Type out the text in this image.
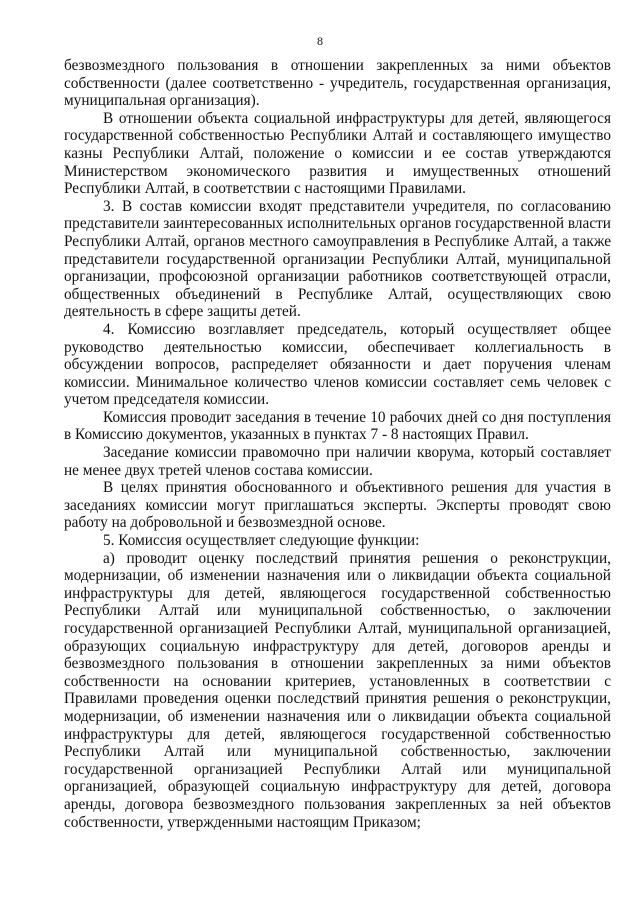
8

безвозмездного пользования в отношении закрепленных за ними объектов собственности (далее соответственно - учредитель, государственная организация, муниципальная организация).

В отношении объекта социальной инфраструктуры для детей, являющегося государственной собственностью Республики Алтай и составляющего имущество казны Республики Алтай, положение о комиссии и ее состав утверждаются Министерством экономического развития и имущественных отношений Республики Алтай, в соответствии с настоящими Правилами.

3. В состав комиссии входят представители учредителя, по согласованию представители заинтересованных исполнительных органов государственной власти Республики Алтай, органов местного самоуправления в Республике Алтай, а также представители государственной организации Республики Алтай, муниципальной организации, профсоюзной организации работников соответствующей отрасли, общественных объединений в Республике Алтай, осуществляющих свою деятельность в сфере защиты детей.

4. Комиссию возглавляет председатель, который осуществляет общее руководство деятельностью комиссии, обеспечивает коллегиальность в обсуждении вопросов, распределяет обязанности и дает поручения членам комиссии. Минимальное количество членов комиссии составляет семь человек с учетом председателя комиссии.

Комиссия проводит заседания в течение 10 рабочих дней со дня поступления в Комиссию документов, указанных в пунктах 7 - 8 настоящих Правил.

Заседание комиссии правомочно при наличии кворума, который составляет не менее двух третей членов состава комиссии.

В целях принятия обоснованного и объективного решения для участия в заседаниях комиссии могут приглашаться эксперты. Эксперты проводят свою работу на добровольной и безвозмездной основе.

5. Комиссия осуществляет следующие функции:

а) проводит оценку последствий принятия решения о реконструкции, модернизации, об изменении назначения или о ликвидации объекта социальной инфраструктуры для детей, являющегося государственной собственностью Республики Алтай или муниципальной собственностью, о заключении государственной организацией Республики Алтай, муниципальной организацией, образующих социальную инфраструктуру для детей, договоров аренды и безвозмездного пользования в отношении закрепленных за ними объектов собственности на основании критериев, установленных в соответствии с Правилами проведения оценки последствий принятия решения о реконструкции, модернизации, об изменении назначения или о ликвидации объекта социальной инфраструктуры для детей, являющегося государственной собственностью Республики Алтай или муниципальной собственностью, заключении государственной организацией Республики Алтай или муниципальной организацией, образующей социальную инфраструктуру для детей, договора аренды, договора безвозмездного пользования закрепленных за ней объектов собственности, утвержденными настоящим Приказом;
